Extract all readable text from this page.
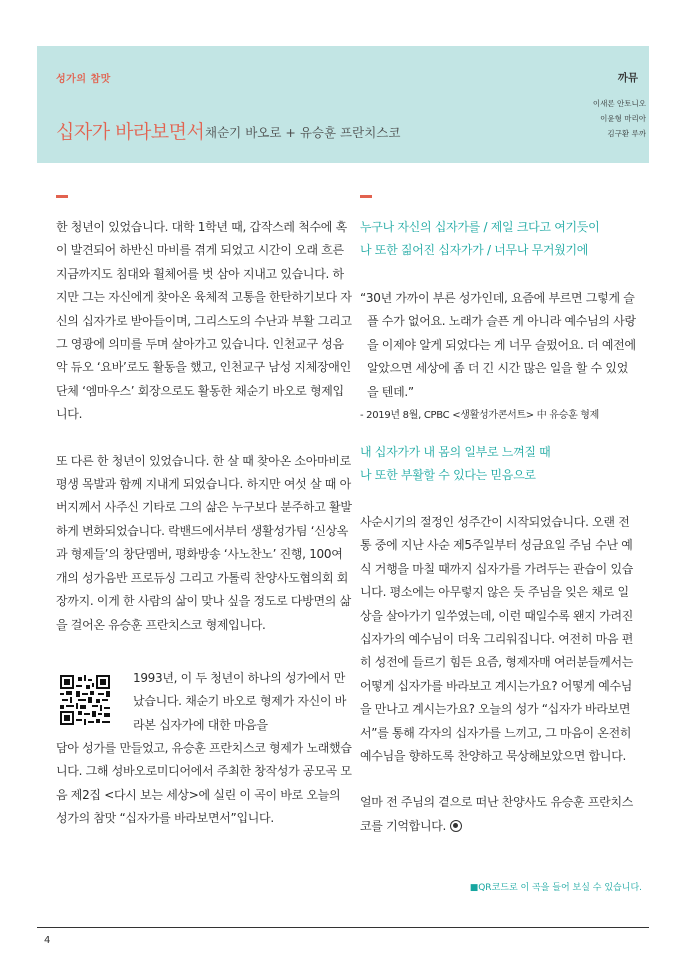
성가의 참맛
십자가 바라보면서 채순기 바오로 + 유승훈 프란치스코
까뮤
이새론 안토니오
이윤형 마리아
김구환 루까

한 청년이 있었습니다. 대학 1학년 때, 갑작스레 척수에 혹이 발견되어 하반신 마비를 겪게 되었고 시간이 오래 흐른 지금까지도 침대와 휠체어를 벗 삼아 지내고 있습니다. 하지만 그는 자신에게 찾아온 육체적 고통을 한탄하기보다 자신의 십자가로 받아들이며, 그리스도의 수난과 부활 그리고 그 영광에 의미를 두며 살아가고 있습니다. 인천교구 성음악 듀오 ‘요바’로도 활동을 했고, 인천교구 남성 지체장애인단체 ‘엠마우스’ 회장으로도 활동한 채순기 바오로 형제입니다.

또 다른 한 청년이 있었습니다. 한 살 때 찾아온 소아마비로 평생 목발과 함께 지내게 되었습니다. 하지만 여섯 살 때 아버지께서 사주신 기타로 그의 삶은 누구보다 분주하고 활발하게 변화되었습니다. 락밴드에서부터 생활성가팀 ‘신상옥과 형제들’의 창단멤버, 평화방송 ‘사노찬노’ 진행, 100여 개의 성가음반 프로듀싱 그리고 가톨릭 찬양사도협의회 회장까지. 이게 한 사람의 삶이 맞나 싶을 정도로 다방면의 삶을 걸어온 유승훈 프란치스코 형제입니다.

1993년, 이 두 청년이 하나의 성가에서 만났습니다. 채순기 바오로 형제가 자신이 바라본 십자가에 대한 마음을
담아 성가를 만들었고, 유승훈 프란치스코 형제가 노래했습니다. 그해 성바오로미디어에서 주최한 창작성가 공모곡 모음 제2집 <다시 보는 세상>에 실린 이 곡이 바로 오늘의 성가의 참맛 “십자가를 바라보면서”입니다.
누구나 자신의 십자가를 / 제일 크다고 여기듯이
나 또한 짊어진 십자가가 / 너무나 무거웠기에

“30년 가까이 부른 성가인데, 요즘에 부르면 그렇게 슬플 수가 없어요. 노래가 슬픈 게 아니라 예수님의 사랑을 이제야 알게 되었다는 게 너무 슬펐어요. 더 예전에 알았으면 세상에 좀 더 긴 시간 많은 일을 할 수 있었을 텐데.”

- 2019년 8월, CPBC <생활성가콘서트> 中 유승훈 형제

내 십자가가 내 몸의 일부로 느껴질 때
나 또한 부활할 수 있다는 믿음으로

사순시기의 절정인 성주간이 시작되었습니다. 오랜 전통 중에 지난 사순 제5주일부터 성금요일 주님 수난 예식 거행을 마칠 때까지 십자가를 가려두는 관습이 있습니다. 평소에는 아무렇지 않은 듯 주님을 잊은 채로 일상을 살아가기 일쑤였는데, 이런 때일수록 왠지 가려진 십자가의 예수님이 더욱 그리워집니다. 여전히 마음 편히 성전에 들르기 힘든 요즘, 형제자매 여러분들께서는 어떻게 십자가를 바라보고 계시는가요? 어떻게 예수님을 만나고 계시는가요? 오늘의 성가 “십자가 바라보면서”를 통해 각자의 십자가를 느끼고, 그 마음이 온전히 예수님을 향하도록 찬양하고 묵상해보았으면 합니다.

얼마 전 주님의 곁으로 떠난 찬양사도 유승훈 프란치스코를 기억합니다.

■QR코드로 이 곡을 들어 보실 수 있습니다.
4
